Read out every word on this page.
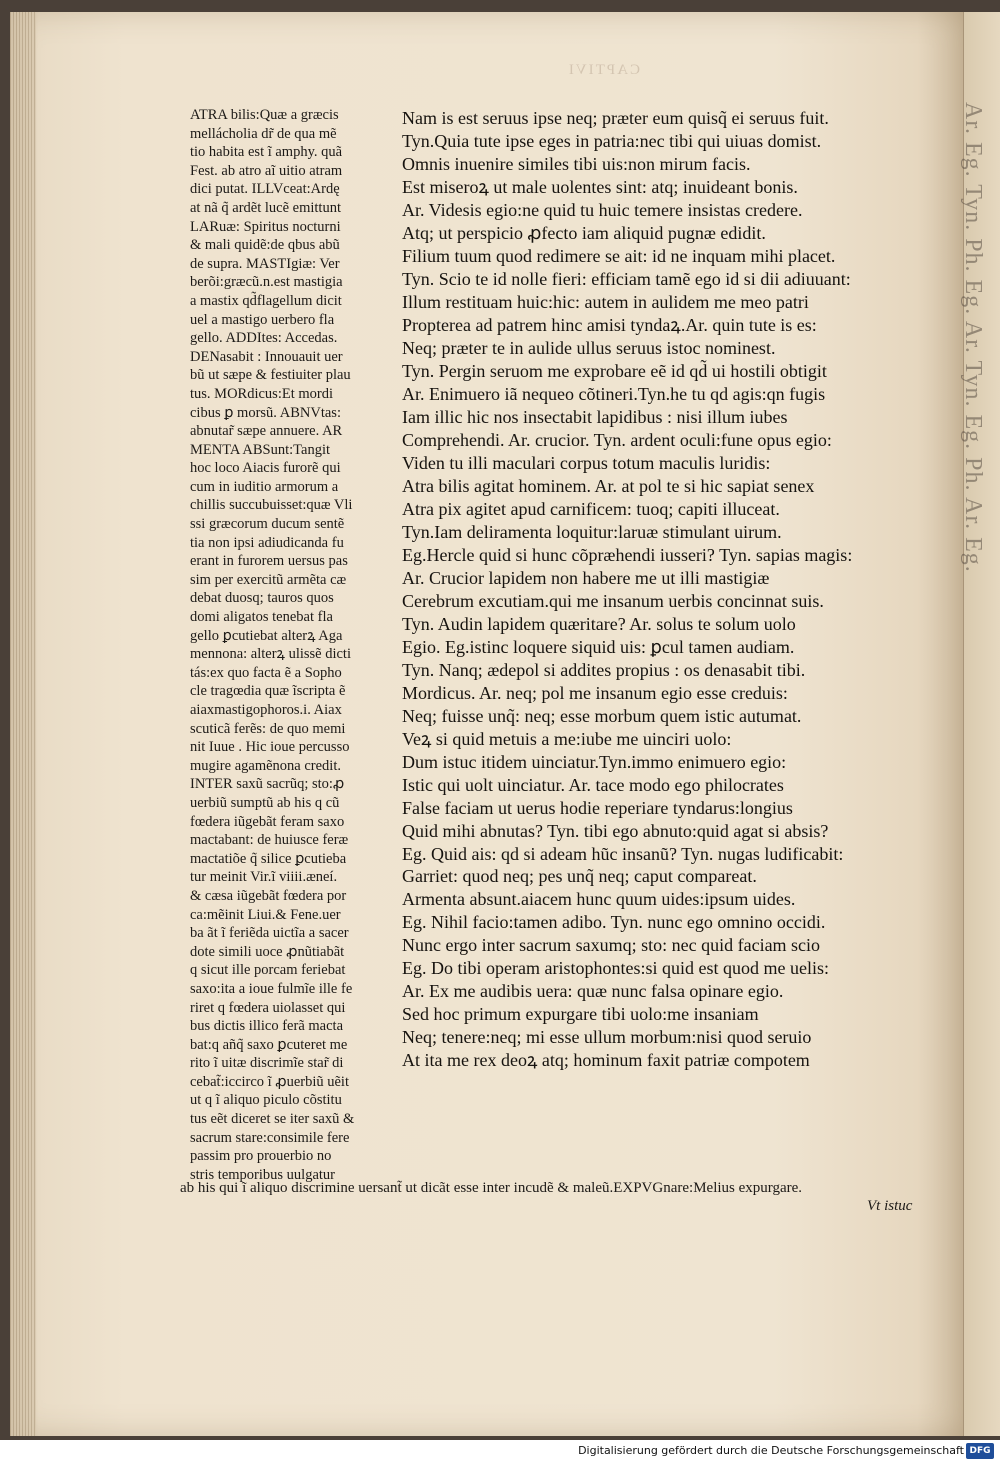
Ar. Eg. Tyn. Ph. Eg. Ar. Tyn. Eg. Ph. Ar. Eg.
CAPTIVI
ATRA bilis:Quæ a græcis
mellácholia dr̃ de qua mẽ
tio habita est ĩ amphy. quã
Fest. ab atro aĩ uitio atram
dici putat. ILLVceat:Ardę
at nã q̃ ardẽt lucẽ emittunt
LARuæ: Spiritus nocturni
& mali quidẽ:de qbus abũ
de supra. MASTIgiæ: Ver
berõi:græcũ.n.est mastigia
a mastix qd̃flagellum dicit
uel a mastigo uerbero fla
gello. ADDItes: Accedas.
DENasabit : Innouauit uer
bũ ut sæpe & festiuiter plau
tus. MORdicus:Et mordi
cibus ꝑ morsũ. ABNVtas:
abnutar̃ sæpe annuere. AR
MENTA ABSunt:Tangit
hoc loco Aiacis furorẽ qui
cum in iuditio armorum a
chillis succubuisset:quæ Vli
ssi græcorum ducum sentẽ
tia non ipsi adiudicanda fu
erant in furorem uersus pas
sim per exercitũ armẽta cæ
debat duosq; tauros quos
domi aligatos tenebat fla
gello ꝑcutiebat alterꝝ Aga
mennona: alterꝝ ulissẽ dicti
tás:ex quo facta ẽ a Sopho
cle tragœdia quæ ĩscripta ẽ
aiaxmastigophoros.i. Aiax
scuticã ferẽs: de quo memi
nit Iuue . Hic ioue percusso
mugire agamẽnona credit.
INTER saxũ sacrũq; sto:ꝓ
uerbiũ sumptũ ab his q cũ
fœdera iũgebãt feram saxo
mactabant: de huiusce feræ
mactatiõe q̃ silice ꝑcutieba
tur meinit Vir.ĩ viiii.æneí.
& cæsa iũgebãt fœdera por
ca:mẽinit Liui.& Fene.uer
ba ãt ĩ feriẽda uictĩa a sacer
dote simili uoce ꝓnũtiabãt
q sicut ille porcam feriebat
saxo:ita a ioue fulmĩe ille fe
riret q fœdera uiolasset qui
bus dictis illico ferã macta
bat:q añq̃ saxo ꝑcuteret me
rito ĩ uitæ discrimĩe star̃ di
cebat̃:iccirco ĩ ꝓuerbiũ uẽit
ut q ĩ aliquo piculo cõstitu
tus eẽt diceret se iter saxũ &
sacrum stare:consimile fere
passim pro prouerbio no
stris temporibus uulgatur
Nam is est seruus ipse neq; præter eum quisq̃ ei seruus fuit.
Tyn.Quia tute ipse eges in patria:nec tibi qui uiuas domist.
Omnis inuenire similes tibi uis:non mirum facis.
Est miseroꝝ ut male uolentes sint: atq; inuideant bonis.
Ar. Videsis egio:ne quid tu huic temere insistas credere.
Atq; ut perspicio ꝓfecto iam aliquid pugnæ edidit.
Filium tuum quod redimere se ait: id ne inquam mihi placet.
Tyn. Scio te id nolle fieri: efficiam tamẽ ego id si dii adiuuant:
Illum restituam huic:hic: autem in aulidem me meo patri
Propterea ad patrem hinc amisi tyndaꝝ.Ar. quin tute is es:
Neq; præter te in aulide ullus seruus istoc nominest.
Tyn. Pergin seruom me exprobare eẽ id qd̃ ui hostili obtigit
Ar. Enimuero iã nequeo cõtineri.Tyn.he tu qd agis:qn fugis
Iam illic hic nos insectabit lapidibus : nisi illum iubes
Comprehendi. Ar. crucior. Tyn. ardent oculi:fune opus egio:
Viden tu illi maculari corpus totum maculis luridis:
Atra bilis agitat hominem. Ar. at pol te si hic sapiat senex
Atra pix agitet apud carnificem: tuoq; capiti illuceat.
Tyn.Iam deliramenta loquitur:laruæ stimulant uirum.
Eg.Hercle quid si hunc cõpræhendi iusseri? Tyn. sapias magis:
Ar. Crucior lapidem non habere me ut illi mastigiæ
Cerebrum excutiam.qui me insanum uerbis concinnat suis.
Tyn. Audin lapidem quæritare? Ar. solus te solum uolo
Egio. Eg.istinc loquere siquid uis: ꝑcul tamen audiam.
Tyn. Nanq; ædepol si addites propius : os denasabit tibi.
Mordicus. Ar. neq; pol me insanum egio esse creduis:
Neq; fuisse unq̃: neq; esse morbum quem istic autumat.
Veꝝ si quid metuis a me:iube me uinciri uolo:
Dum istuc itidem uinciatur.Tyn.immo enimuero egio:
Istic qui uolt uinciatur. Ar. tace modo ego philocrates
False faciam ut uerus hodie reperiare tyndarus:longius
Quid mihi abnutas? Tyn. tibi ego abnuto:quid agat si absis?
Eg. Quid ais: qd si adeam hũc insanũ? Tyn. nugas ludificabit:
Garriet: quod neq; pes unq̃ neq; caput compareat.
Armenta absunt.aiacem hunc quum uides:ipsum uides.
Eg. Nihil facio:tamen adibo. Tyn. nunc ego omnino occidi.
Nunc ergo inter sacrum saxumq; sto: nec quid faciam scio
Eg. Do tibi operam aristophontes:si quid est quod me uelis:
Ar. Ex me audibis uera: quæ nunc falsa opinare egio.
Sed hoc primum expurgare tibi uolo:me insaniam
Neq; tenere:neq; mi esse ullum morbum:nisi quod seruio
At ita me rex deoꝝ atq; hominum faxit patriæ compotem
ab his qui ĩ aliquo discrimine uersant̃ ut dicãt esse inter incudẽ & maleũ.EXPVGnare:Melius expurgare.
Vt istuc
Digitalisierung gefördert durch die Deutsche Forschungsgemeinschaft DFG
